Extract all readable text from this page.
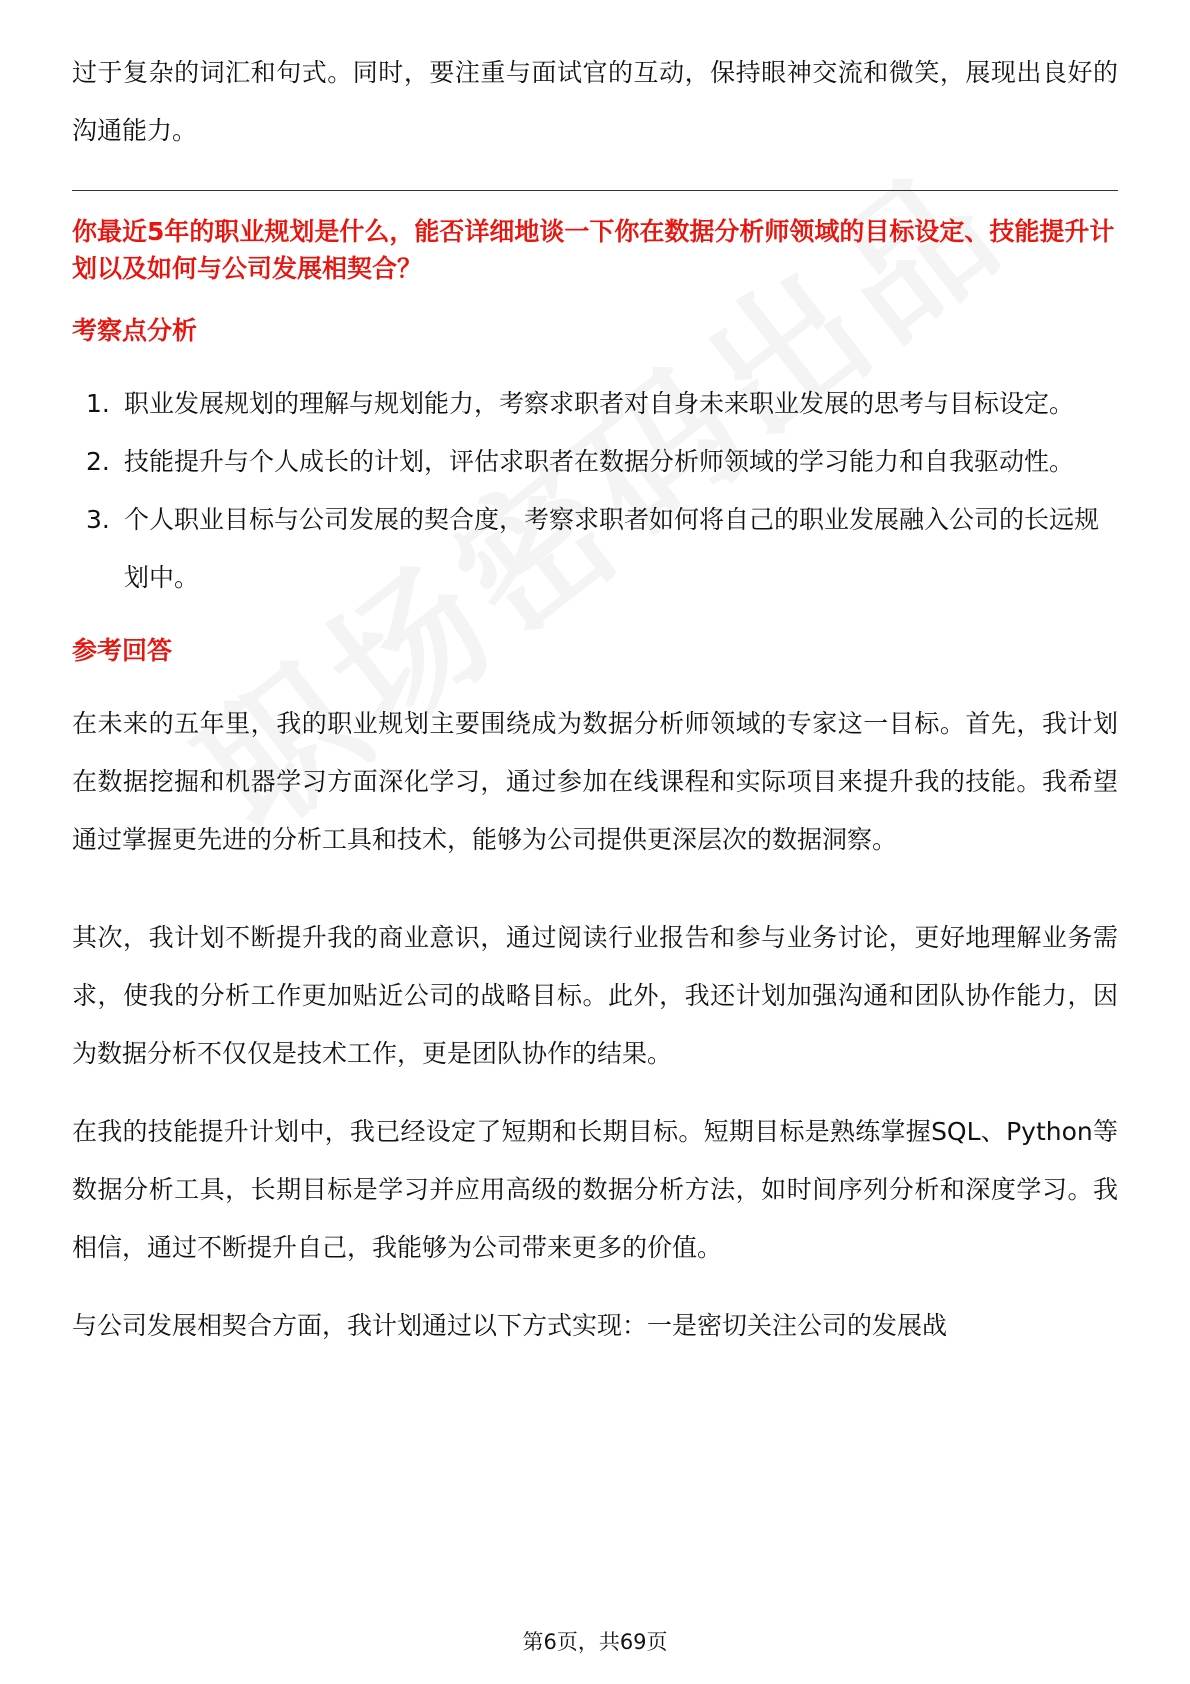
过于复杂的词汇和句式。同时，要注重与面试官的互动，保持眼神交流和微笑，展现出良好的沟通能力。

你最近5年的职业规划是什么，能否详细地谈一下你在数据分析师领域的目标设定、技能提升计划以及如何与公司发展相契合？

考察点分析
1. 职业发展规划的理解与规划能力，考察求职者对自身未来职业发展的思考与目标设定。
2. 技能提升与个人成长的计划，评估求职者在数据分析师领域的学习能力和自我驱动性。
3. 个人职业目标与公司发展的契合度，考察求职者如何将自己的职业发展融入公司的长远规划中。
参考回答

在未来的五年里，我的职业规划主要围绕成为数据分析师领域的专家这一目标。首先，我计划在数据挖掘和机器学习方面深化学习，通过参加在线课程和实际项目来提升我的技能。我希望通过掌握更先进的分析工具和技术，能够为公司提供更深层次的数据洞察。

其次，我计划不断提升我的商业意识，通过阅读行业报告和参与业务讨论，更好地理解业务需求，使我的分析工作更加贴近公司的战略目标。此外，我还计划加强沟通和团队协作能力，因为数据分析不仅仅是技术工作，更是团队协作的结果。

在我的技能提升计划中，我已经设定了短期和长期目标。短期目标是熟练掌握SQL、Python等数据分析工具，长期目标是学习并应用高级的数据分析方法，如时间序列分析和深度学习。我相信，通过不断提升自己，我能够为公司带来更多的价值。

与公司发展相契合方面，我计划通过以下方式实现：一是密切关注公司的发展战

第6页，共69页
